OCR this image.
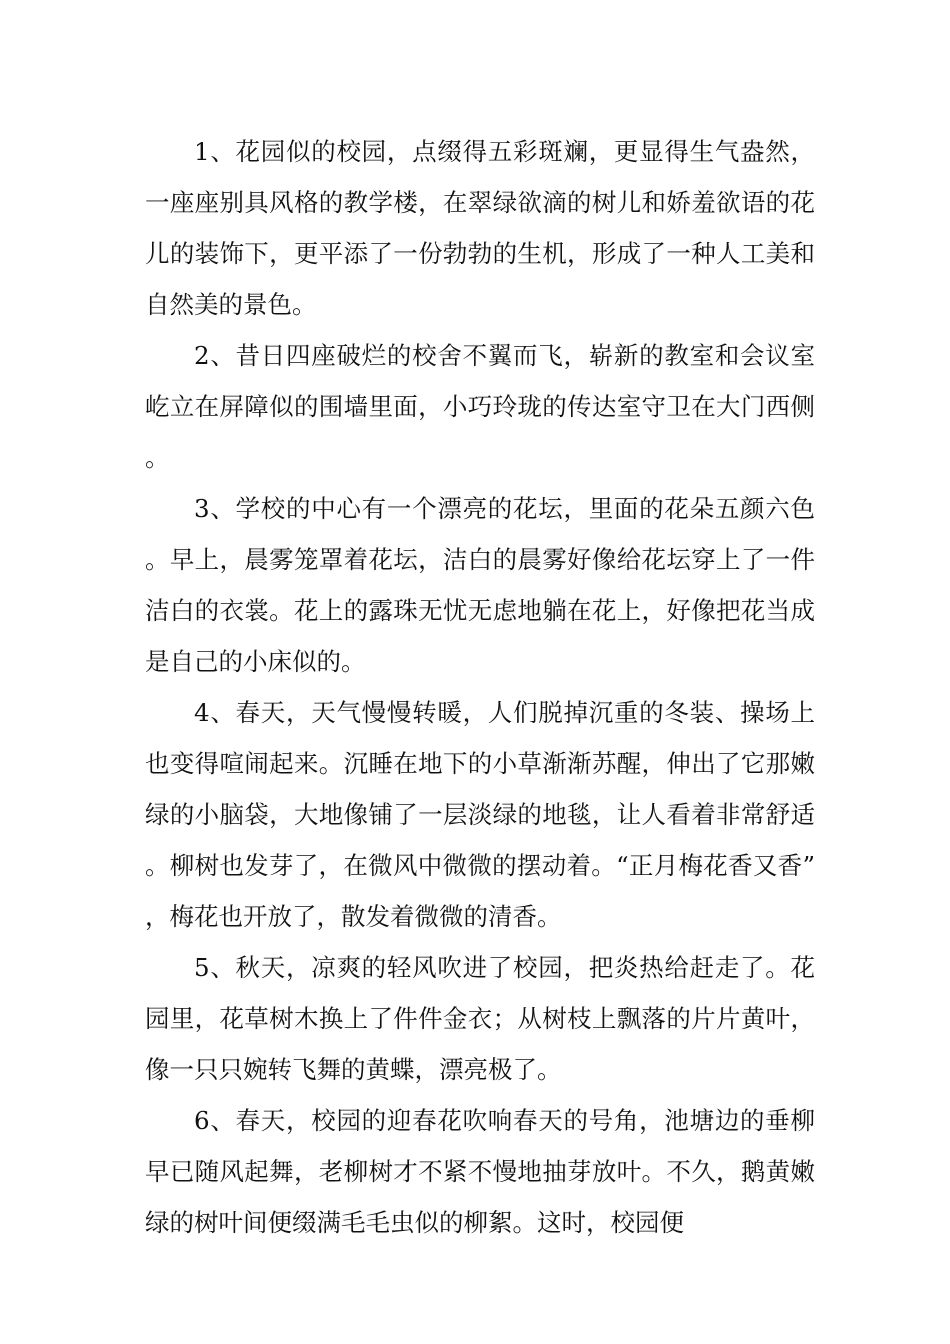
1、花园似的校园，点缀得五彩斑斓，更显得生气盎然，一座座别具风格的教学楼，在翠绿欲滴的树儿和娇羞欲语的花儿的装饰下，更平添了一份勃勃的生机，形成了一种人工美和自然美的景色。

2、昔日四座破烂的校舍不翼而飞，崭新的教室和会议室屹立在屏障似的围墙里面，小巧玲珑的传达室守卫在大门西侧。

3、学校的中心有一个漂亮的花坛，里面的花朵五颜六色。早上，晨雾笼罩着花坛，洁白的晨雾好像给花坛穿上了一件洁白的衣裳。花上的露珠无忧无虑地躺在花上，好像把花当成是自己的小床似的。

4、春天，天气慢慢转暖，人们脱掉沉重的冬装、操场上也变得喧闹起来。沉睡在地下的小草渐渐苏醒，伸出了它那嫩绿的小脑袋，大地像铺了一层淡绿的地毯，让人看着非常舒适。柳树也发芽了，在微风中微微的摆动着。“正月梅花香又香”，梅花也开放了，散发着微微的清香。

5、秋天，凉爽的轻风吹进了校园，把炎热给赶走了。花园里，花草树木换上了件件金衣；从树枝上飘落的片片黄叶，像一只只婉转飞舞的黄蝶，漂亮极了。

6、春天，校园的迎春花吹响春天的号角，池塘边的垂柳早已随风起舞，老柳树才不紧不慢地抽芽放叶。不久，鹅黄嫩绿的树叶间便缀满毛毛虫似的柳絮。这时，校园便
